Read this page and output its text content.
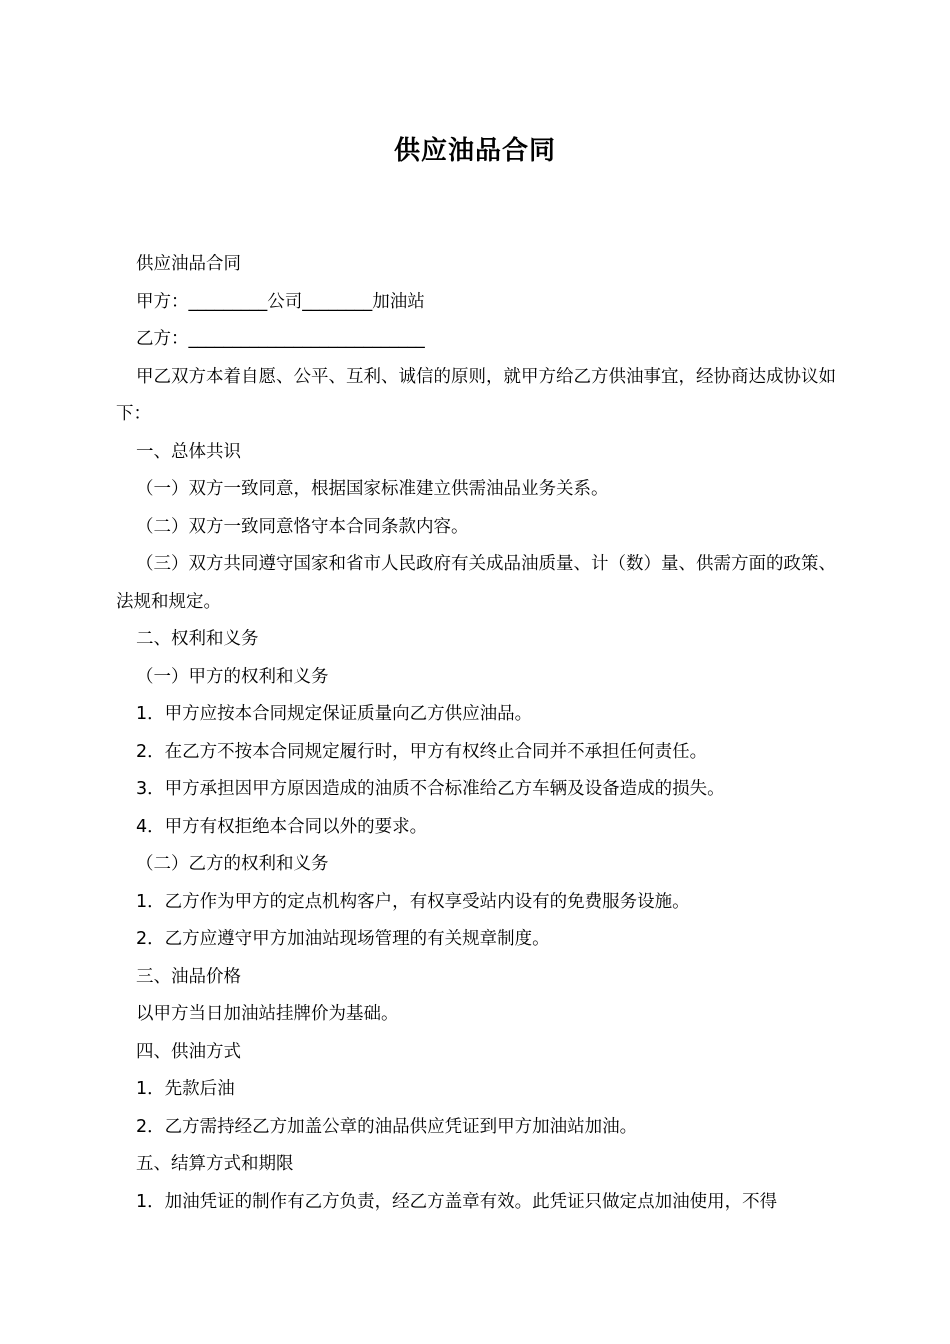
供应油品合同

供应油品合同

甲方：_________公司________加油站

乙方：___________________________

甲乙双方本着自愿、公平、互利、诚信的原则，就甲方给乙方供油事宜，经协商达成协议如下：

一、总体共识

（一）双方一致同意，根据国家标准建立供需油品业务关系。

（二）双方一致同意恪守本合同条款内容。

（三）双方共同遵守国家和省市人民政府有关成品油质量、计（数）量、供需方面的政策、法规和规定。

二、权利和义务

（一）甲方的权利和义务

1．甲方应按本合同规定保证质量向乙方供应油品。

2．在乙方不按本合同规定履行时，甲方有权终止合同并不承担任何责任。

3．甲方承担因甲方原因造成的油质不合标准给乙方车辆及设备造成的损失。

4．甲方有权拒绝本合同以外的要求。

（二）乙方的权利和义务

1．乙方作为甲方的定点机构客户，有权享受站内设有的免费服务设施。

2．乙方应遵守甲方加油站现场管理的有关规章制度。

三、油品价格

以甲方当日加油站挂牌价为基础。

四、供油方式

1．先款后油

2．乙方需持经乙方加盖公章的油品供应凭证到甲方加油站加油。

五、结算方式和期限

1．加油凭证的制作有乙方负责，经乙方盖章有效。此凭证只做定点加油使用，不得
